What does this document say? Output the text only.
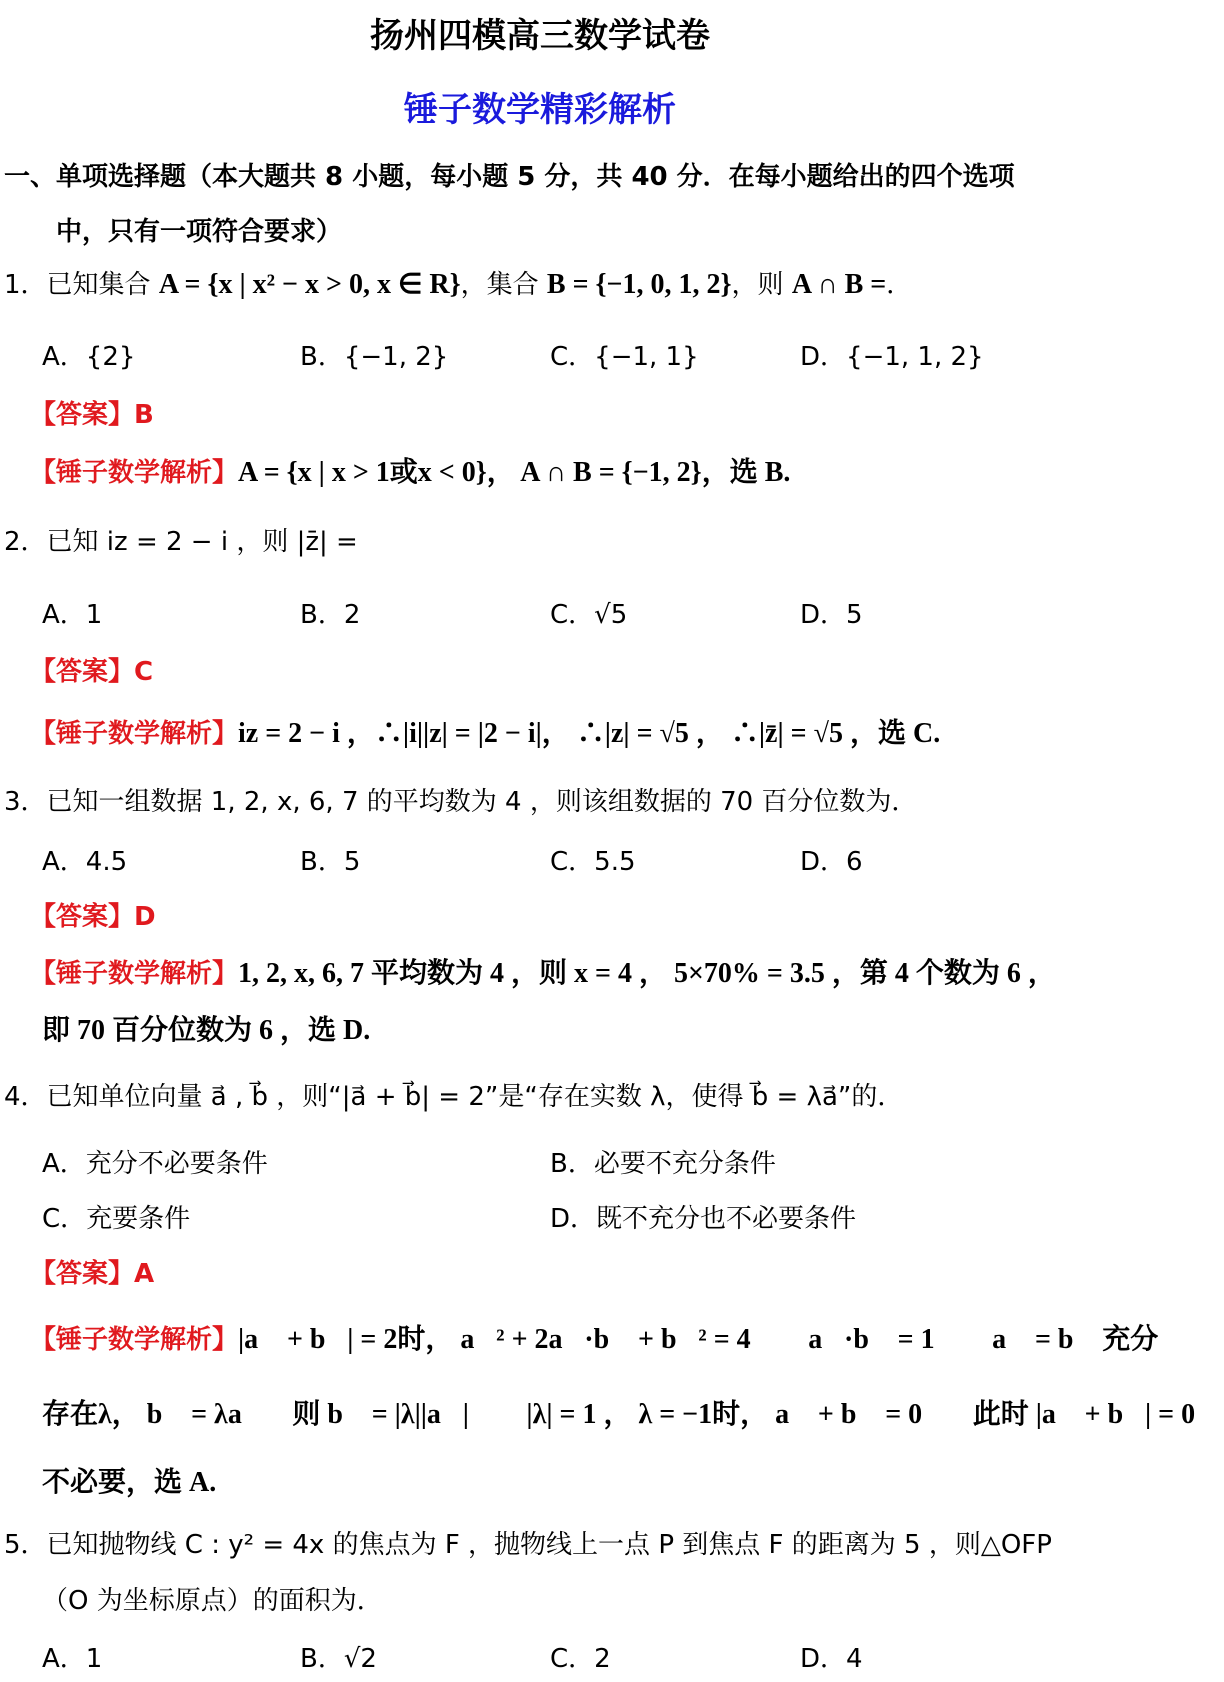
扬州四模高三数学试卷
锤子数学精彩解析
一、单项选择题（本大题共 8 小题，每小题 5 分，共 40 分．在每小题给出的四个选项
中，只有一项符合要求）
1．已知集合 A = {x | x² − x > 0, x ∈ R}，集合 B = {−1, 0, 1, 2}，则 A ∩ B =．
A．{2}	B．{−1, 2}	C．{−1, 1}	D．{−1, 1, 2}
【答案】B
【锤子数学解析】A = {x | x > 1或x < 0}， A ∩ B = {−1, 2}，选 B.
2．已知 iz = 2 − i ，则 |z̄| =
A．1	B．2	C．√5	D．5
【答案】C
【锤子数学解析】iz = 2 − i ，∴|i||z| = |2 − i|， ∴|z| = √5 ， ∴|z̄| = √5 ，选 C.
3．已知一组数据 1, 2, x, 6, 7 的平均数为 4 ，则该组数据的 70 百分位数为．
A．4.5	B．5	C．5.5	D．6
【答案】D
【锤子数学解析】1, 2, x, 6, 7 平均数为 4 ，则 x = 4 ， 5×70% = 3.5 ，第 4 个数为 6 ，
即 70 百分位数为 6 ，选 D.
4．已知单位向量 a⃗ , b⃗ ，则“|a⃗ + b⃗| = 2”是“存在实数 λ，使得 b⃗ = λa⃗”的．
A．充分不必要条件	B．必要不充分条件
C．充要条件	D．既不充分也不必要条件
【答案】A
【锤子数学解析】|a⃗ + b⃗| = 2时， a⃗² + 2a⃗·b⃗ + b⃗² = 4 ， ∴a⃗·b⃗ = 1 ， ∴a⃗ = b⃗ 充分
存在λ， b⃗ = λa⃗ ，则 b⃗ = |λ||a⃗| ， ∴|λ| = 1 ， λ = −1时， a⃗ + b⃗ = 0⃗ ，此时 |a⃗ + b⃗| = 0 ，
不必要，选 A.
5．已知抛物线 C : y² = 4x 的焦点为 F ，抛物线上一点 P 到焦点 F 的距离为 5 ，则△OFP
（O 为坐标原点）的面积为．
A．1	B．√2	C．2	D．4
